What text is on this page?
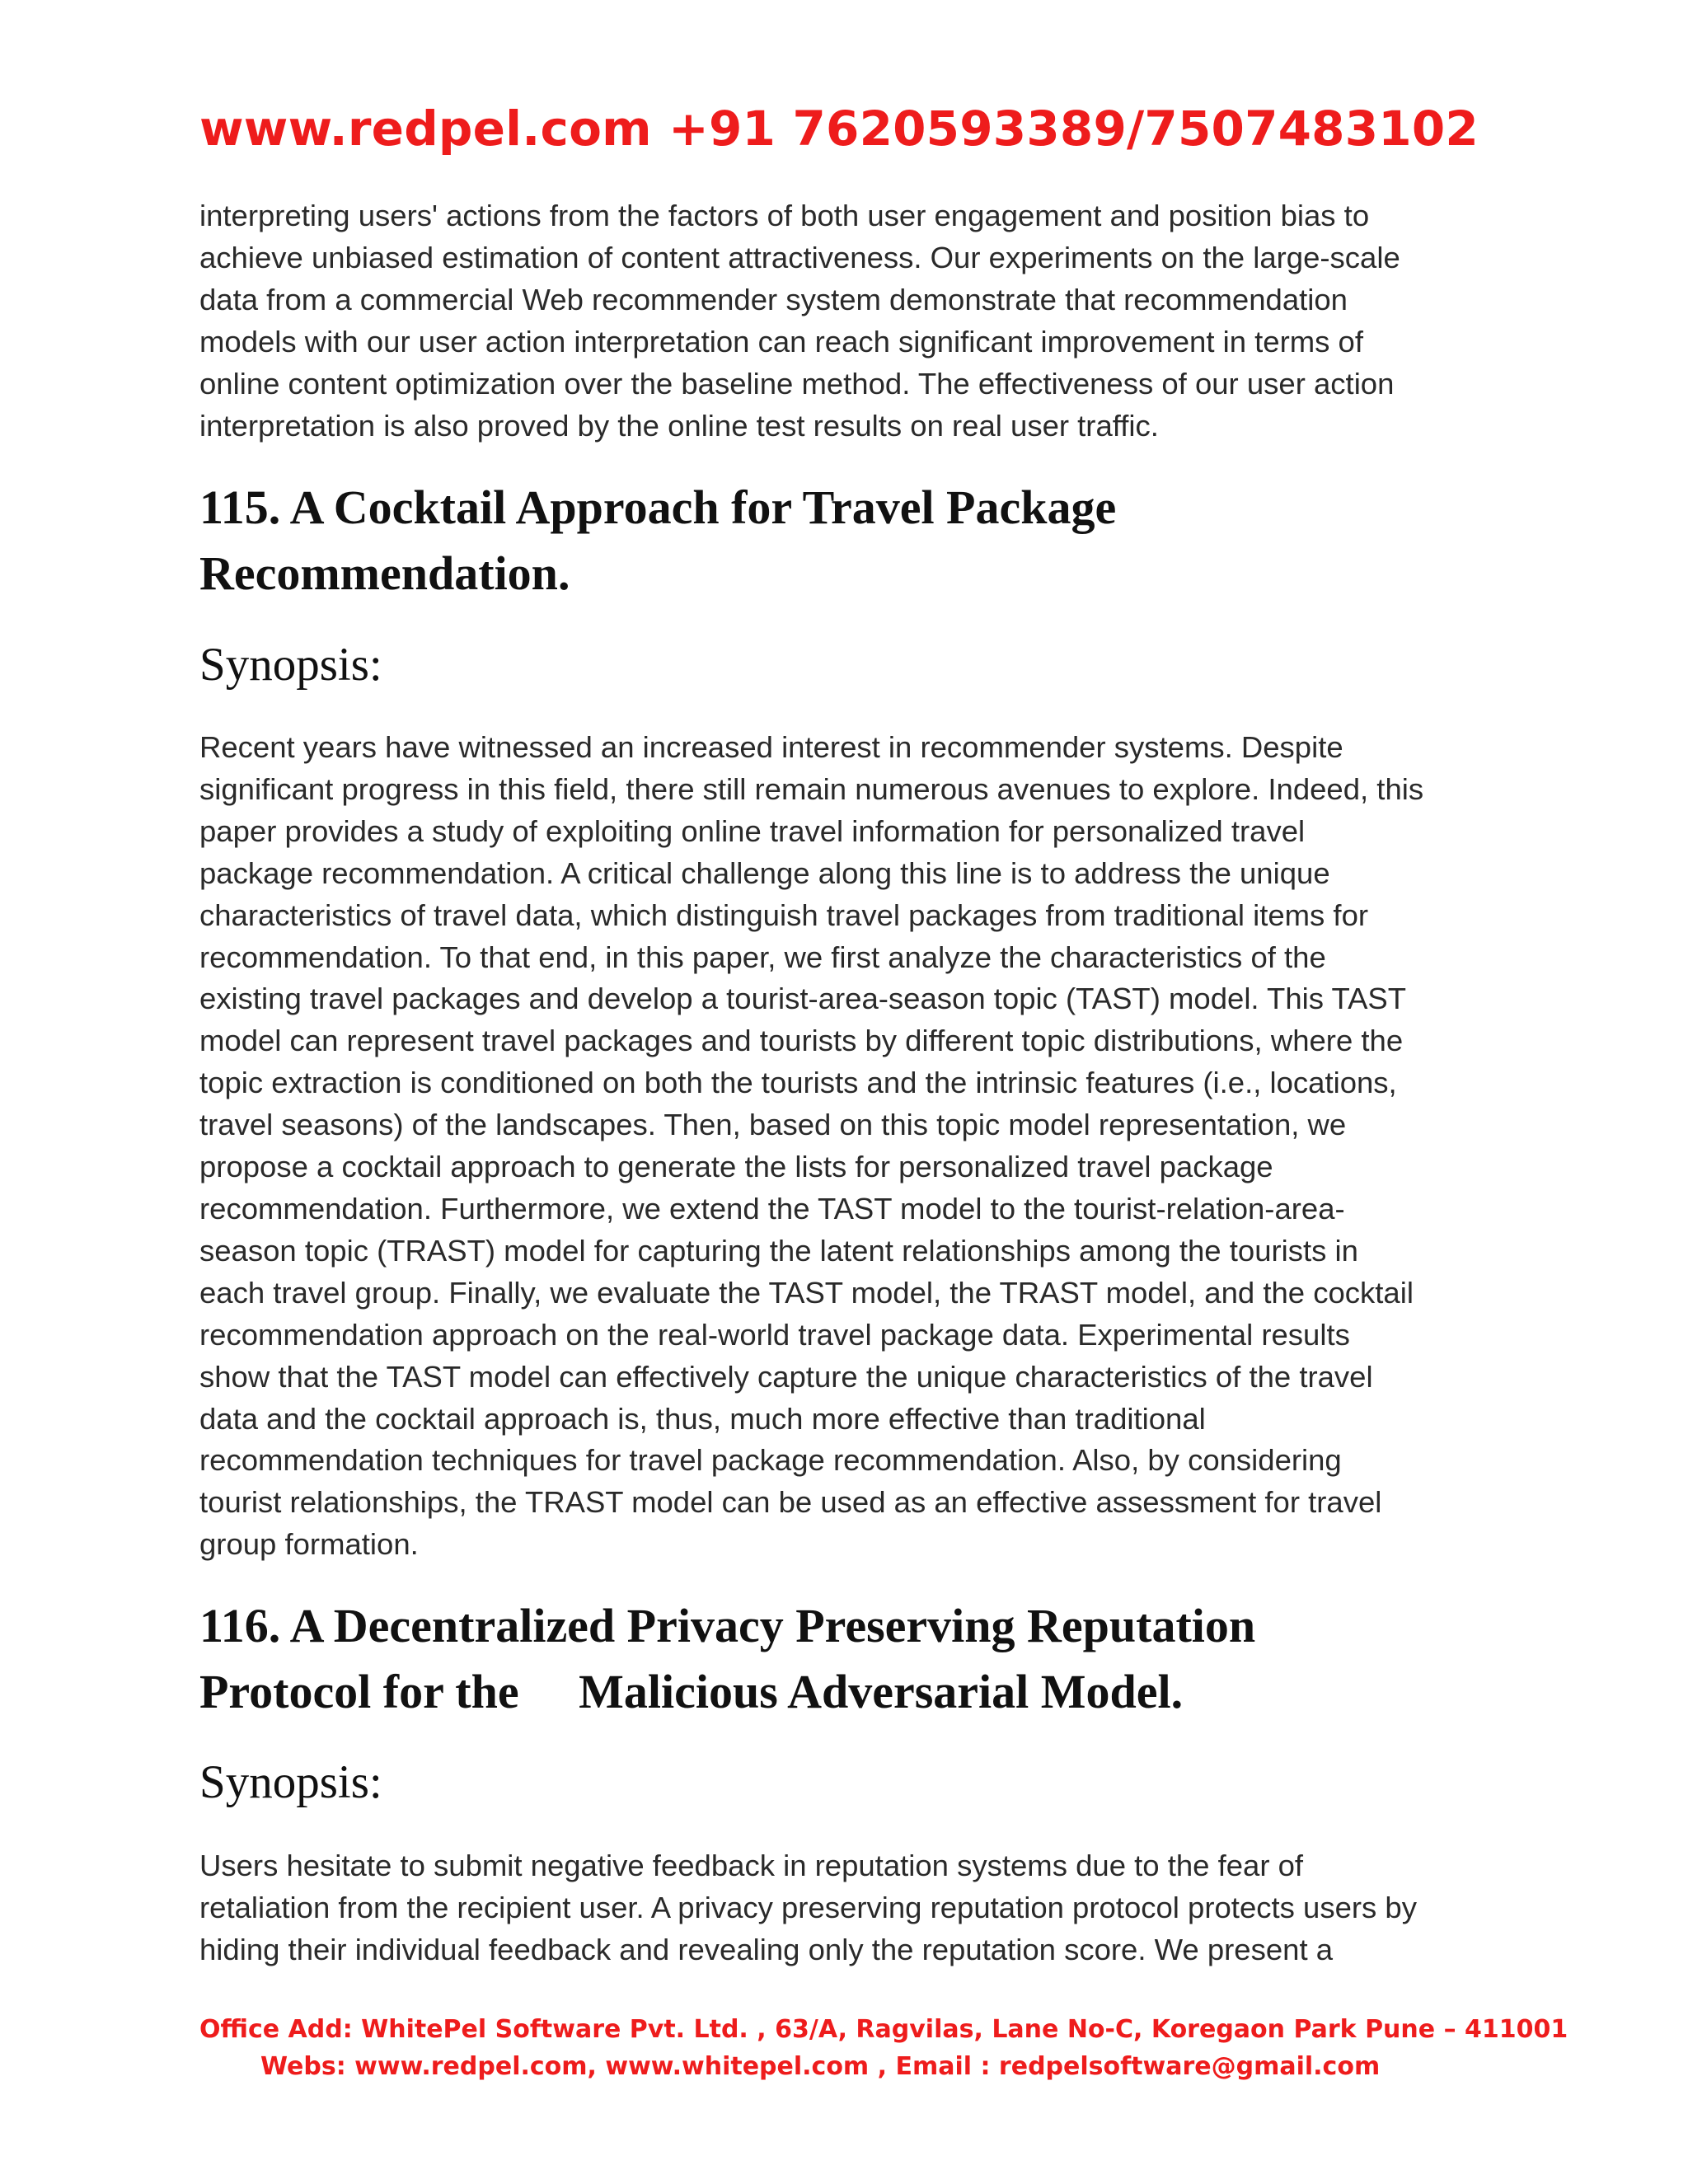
www.redpel.com +91 7620593389/7507483102
interpreting users' actions from the factors of both user engagement and position bias to
achieve unbiased estimation of content attractiveness. Our experiments on the large-scale
data from a commercial Web recommender system demonstrate that recommendation
models with our user action interpretation can reach significant improvement in terms of
online content optimization over the baseline method. The effectiveness of our user action
interpretation is also proved by the online test results on real user traffic.
115. A Cocktail Approach for Travel Package
Recommendation.
Synopsis:
Recent years have witnessed an increased interest in recommender systems. Despite
significant progress in this field, there still remain numerous avenues to explore. Indeed, this
paper provides a study of exploiting online travel information for personalized travel
package recommendation. A critical challenge along this line is to address the unique
characteristics of travel data, which distinguish travel packages from traditional items for
recommendation. To that end, in this paper, we first analyze the characteristics of the
existing travel packages and develop a tourist-area-season topic (TAST) model. This TAST
model can represent travel packages and tourists by different topic distributions, where the
topic extraction is conditioned on both the tourists and the intrinsic features (i.e., locations,
travel seasons) of the landscapes. Then, based on this topic model representation, we
propose a cocktail approach to generate the lists for personalized travel package
recommendation. Furthermore, we extend the TAST model to the tourist-relation-area-
season topic (TRAST) model for capturing the latent relationships among the tourists in
each travel group. Finally, we evaluate the TAST model, the TRAST model, and the cocktail
recommendation approach on the real-world travel package data. Experimental results
show that the TAST model can effectively capture the unique characteristics of the travel
data and the cocktail approach is, thus, much more effective than traditional
recommendation techniques for travel package recommendation. Also, by considering
tourist relationships, the TRAST model can be used as an effective assessment for travel
group formation.
116. A Decentralized Privacy Preserving Reputation
Protocol for the     Malicious Adversarial Model.
Synopsis:
Users hesitate to submit negative feedback in reputation systems due to the fear of
retaliation from the recipient user. A privacy preserving reputation protocol protects users by
hiding their individual feedback and revealing only the reputation score. We present a
Office Add: WhitePel Software Pvt. Ltd. , 63/A, Ragvilas, Lane No-C, Koregaon Park Pune – 411001
Webs: www.redpel.com, www.whitepel.com , Email : redpelsoftware@gmail.com
